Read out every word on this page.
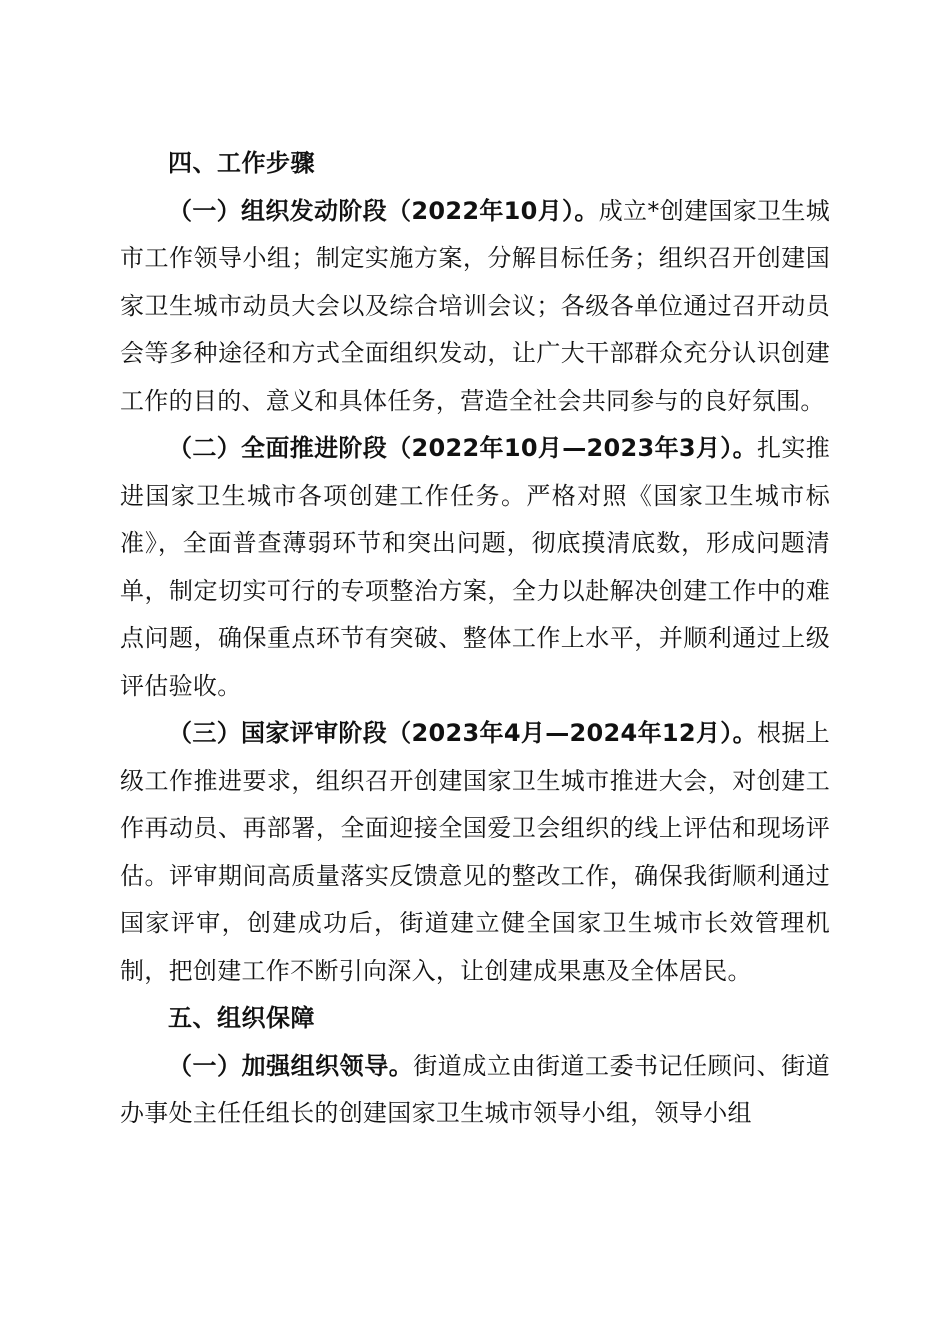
四、工作步骤

（一）组织发动阶段（2022年10月）。成立*创建国家卫生城市工作领导小组；制定实施方案，分解目标任务；组织召开创建国家卫生城市动员大会以及综合培训会议；各级各单位通过召开动员会等多种途径和方式全面组织发动，让广大干部群众充分认识创建工作的目的、意义和具体任务，营造全社会共同参与的良好氛围。

（二）全面推进阶段（2022年10月—2023年3月）。扎实推进国家卫生城市各项创建工作任务。严格对照《国家卫生城市标准》，全面普查薄弱环节和突出问题，彻底摸清底数，形成问题清单，制定切实可行的专项整治方案，全力以赴解决创建工作中的难点问题，确保重点环节有突破、整体工作上水平，并顺利通过上级评估验收。

（三）国家评审阶段（2023年4月—2024年12月）。根据上级工作推进要求，组织召开创建国家卫生城市推进大会，对创建工作再动员、再部署，全面迎接全国爱卫会组织的线上评估和现场评估。评审期间高质量落实反馈意见的整改工作，确保我街顺利通过国家评审，创建成功后，街道建立健全国家卫生城市长效管理机制，把创建工作不断引向深入，让创建成果惠及全体居民。

五、组织保障

（一）加强组织领导。街道成立由街道工委书记任顾问、街道办事处主任任组长的创建国家卫生城市领导小组，领导小组
